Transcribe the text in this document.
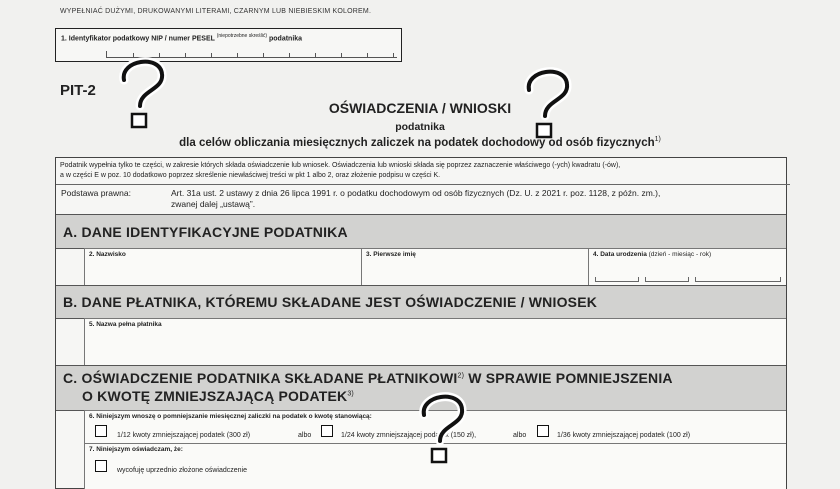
WYPEŁNIAĆ DUŻYMI, DRUKOWANYMI LITERAMI, CZARNYM LUB NIEBIESKIM KOLOREM.
1. Identyfikator podatkowy NIP / numer PESEL $^{(niepotrzebne skreślić)}$ podatnika
PIT-2
OŚWIADCZENIA / WNIOSKI
podatnika
dla celów obliczania miesięcznych zaliczek na podatek dochodowy od osób fizycznych$^{1)}$
Podatnik wypełnia tylko te części, w zakresie których składa oświadczenie lub wniosek. Oświadczenia lub wnioski składa się poprzez zaznaczenie właściwego (-ych) kwadratu (-ów),
a w części E w poz. 10 dodatkowo poprzez skreślenie niewłaściwej treści w pkt 1 albo 2, oraz złożenie podpisu w części K.
Podstawa prawna:	Art. 31a ust. 2 ustawy z dnia 26 lipca 1991 r. o podatku dochodowym od osób fizycznych (Dz. U. z 2021 r. poz. 1128, z późn. zm.),
zwanej dalej „ustawą”.
A. DANE IDENTYFIKACYJNE PODATNIKA
2. Nazwisko	3. Pierwsze imię	4. Data urodzenia (dzień - miesiąc - rok)
B. DANE PŁATNIKA, KTÓREMU SKŁADANE JEST OŚWIADCZENIE / WNIOSEK
5. Nazwa pełna płatnika
C. OŚWIADCZENIE PODATNIKA SKŁADANE PŁATNIKOWI$^{2)}$ W SPRAWIE POMNIEJSZENIA
O KWOTĘ ZMNIEJSZAJĄCĄ PODATEK$^{3)}$
6. Niniejszym wnoszę o pomniejszanie miesięcznej zaliczki na podatek o kwotę stanowiącą:
1/12 kwoty zmniejszającej podatek (300 zł)	albo	1/24 kwoty zmniejszającej podatek (150 zł),	albo	1/36 kwoty zmniejszającej podatek (100 zł)
7. Niniejszym oświadczam, że:
wycofuję uprzednio złożone oświadczenie
